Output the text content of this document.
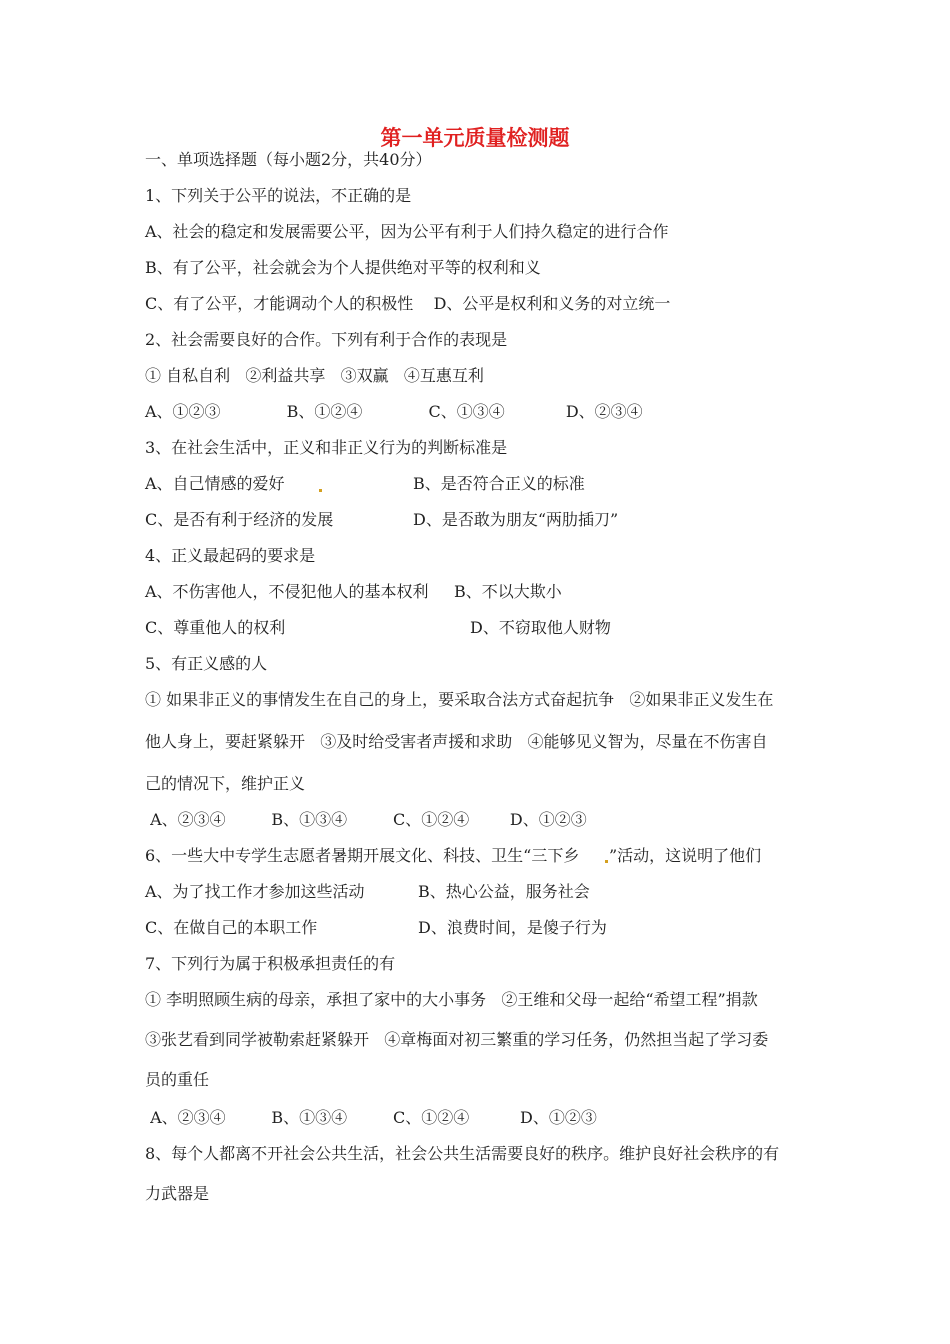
第一单元质量检测题
一、单项选择题（每小题2分，共40分）
1、下列关于公平的说法，不正确的是
A、社会的稳定和发展需要公平，因为公平有利于人们持久稳定的进行合作
B、有了公平，社会就会为个人提供绝对平等的权利和义
C、有了公平，才能调动个人的积极性    D、公平是权利和义务的对立统一
2、社会需要良好的合作。下列有利于合作的表现是
① 自私自利   ②利益共享   ③双赢   ④互惠互利
A、①②③             B、①②④             C、①③④            D、②③④
3、在社会生活中，正义和非正义行为的判断标准是
A、自己情感的爱好	B、是否符合正义的标准
C、是否有利于经济的发展	D、是否敢为朋友“两肋插刀”
4、正义最起码的要求是
A、不伤害他人，不侵犯他人的基本权利     B、不以大欺小
C、尊重他人的权利	D、不窃取他人财物
5、有正义感的人
① 如果非正义的事情发生在自己的身上，要采取合法方式奋起抗争   ②如果非正义发生在
他人身上，要赶紧躲开   ③及时给受害者声援和求助   ④能够见义智为，尽量在不伤害自
己的情况下，维护正义
A、②③④         B、①③④         C、①②④        D、①②③
6、一些大中专学生志愿者暑期开展文化、科技、卫生“三下乡 ”活动，这说明了他们
A、为了找工作才参加这些活动	B、热心公益，服务社会
C、在做自己的本职工作	D、浪费时间，是傻子行为
7、下列行为属于积极承担责任的有
① 李明照顾生病的母亲，承担了家中的大小事务   ②王维和父母一起给“希望工程”捐款
③张艺看到同学被勒索赶紧躲开   ④章梅面对初三繁重的学习任务，仍然担当起了学习委
员的重任
A、②③④         B、①③④         C、①②④          D、①②③
8、每个人都离不开社会公共生活，社会公共生活需要良好的秩序。维护良好社会秩序的有
力武器是
